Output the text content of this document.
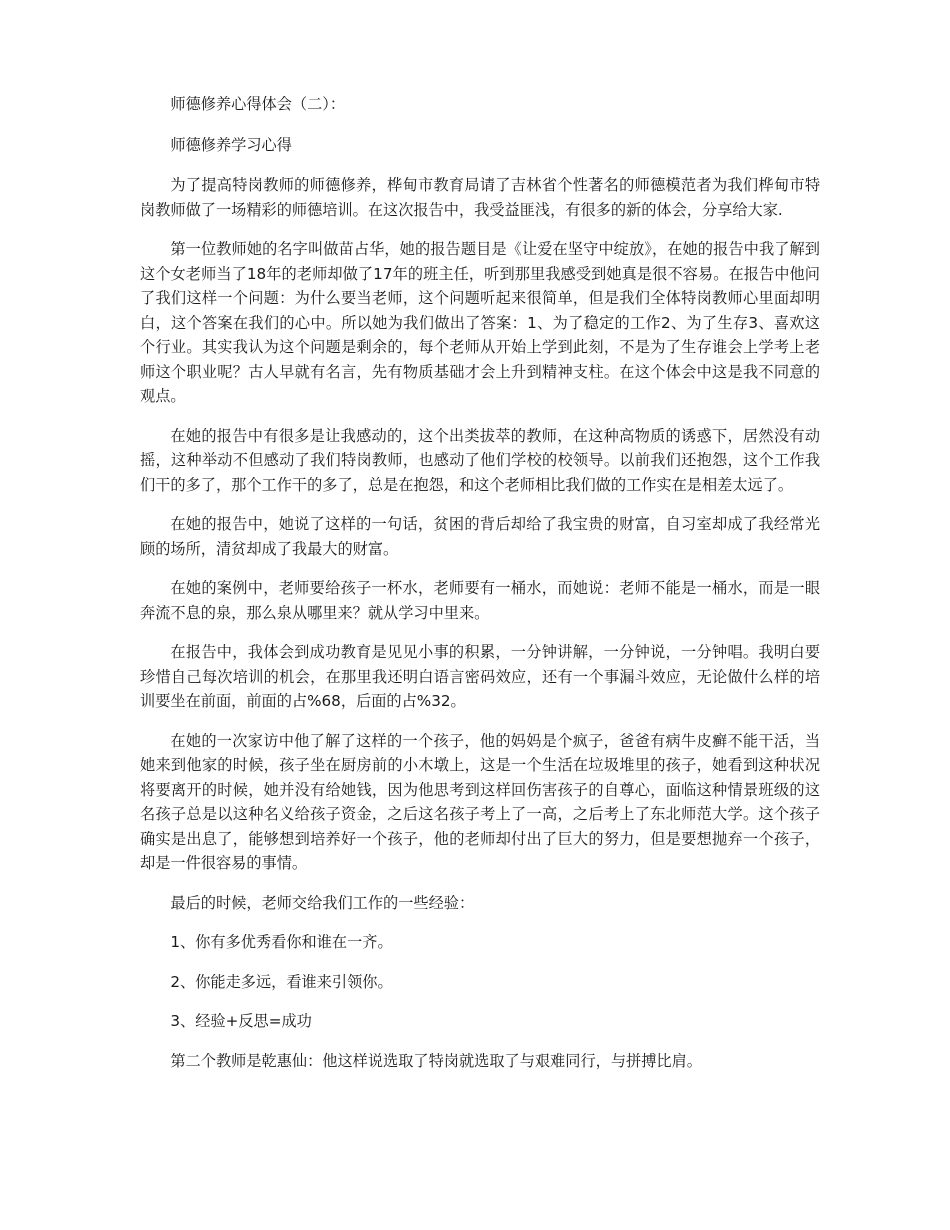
师德修养心得体会（二）：

师德修养学习心得

为了提高特岗教师的师德修养，桦甸市教育局请了吉林省个性著名的师德模范者为我们桦甸市特岗教师做了一场精彩的师德培训。在这次报告中，我受益匪浅，有很多的新的体会，分享给大家.

第一位教师她的名字叫做苗占华，她的报告题目是《让爱在坚守中绽放》，在她的报告中我了解到这个女老师当了18年的老师却做了17年的班主任，听到那里我感受到她真是很不容易。在报告中他问了我们这样一个问题：为什么要当老师，这个问题听起来很简单，但是我们全体特岗教师心里面却明白，这个答案在我们的心中。所以她为我们做出了答案：1、为了稳定的工作2、为了生存3、喜欢这个行业。其实我认为这个问题是剩余的，每个老师从开始上学到此刻，不是为了生存谁会上学考上老师这个职业呢？古人早就有名言，先有物质基础才会上升到精神支柱。在这个体会中这是我不同意的观点。

在她的报告中有很多是让我感动的，这个出类拔萃的教师，在这种高物质的诱惑下，居然没有动摇，这种举动不但感动了我们特岗教师，也感动了他们学校的校领导。以前我们还抱怨，这个工作我们干的多了，那个工作干的多了，总是在抱怨，和这个老师相比我们做的工作实在是相差太远了。

在她的报告中，她说了这样的一句话，贫困的背后却给了我宝贵的财富，自习室却成了我经常光顾的场所，清贫却成了我最大的财富。

在她的案例中，老师要给孩子一杯水，老师要有一桶水，而她说：老师不能是一桶水，而是一眼奔流不息的泉，那么泉从哪里来？就从学习中里来。

在报告中，我体会到成功教育是见见小事的积累，一分钟讲解，一分钟说，一分钟唱。我明白要珍惜自己每次培训的机会，在那里我还明白语言密码效应，还有一个事漏斗效应，无论做什么样的培训要坐在前面，前面的占%68，后面的占%32。

在她的一次家访中他了解了这样的一个孩子，他的妈妈是个疯子，爸爸有病牛皮癣不能干活，当她来到他家的时候，孩子坐在厨房前的小木墩上，这是一个生活在垃圾堆里的孩子，她看到这种状况将要离开的时候，她并没有给她钱，因为他思考到这样回伤害孩子的自尊心，面临这种情景班级的这名孩子总是以这种名义给孩子资金，之后这名孩子考上了一高，之后考上了东北师范大学。这个孩子确实是出息了，能够想到培养好一个孩子，他的老师却付出了巨大的努力，但是要想抛弃一个孩子，却是一件很容易的事情。

最后的时候，老师交给我们工作的一些经验：

1、你有多优秀看你和谁在一齐。

2、你能走多远，看谁来引领你。

3、经验+反思=成功

第二个教师是乾惠仙：他这样说选取了特岗就选取了与艰难同行，与拼搏比肩。
